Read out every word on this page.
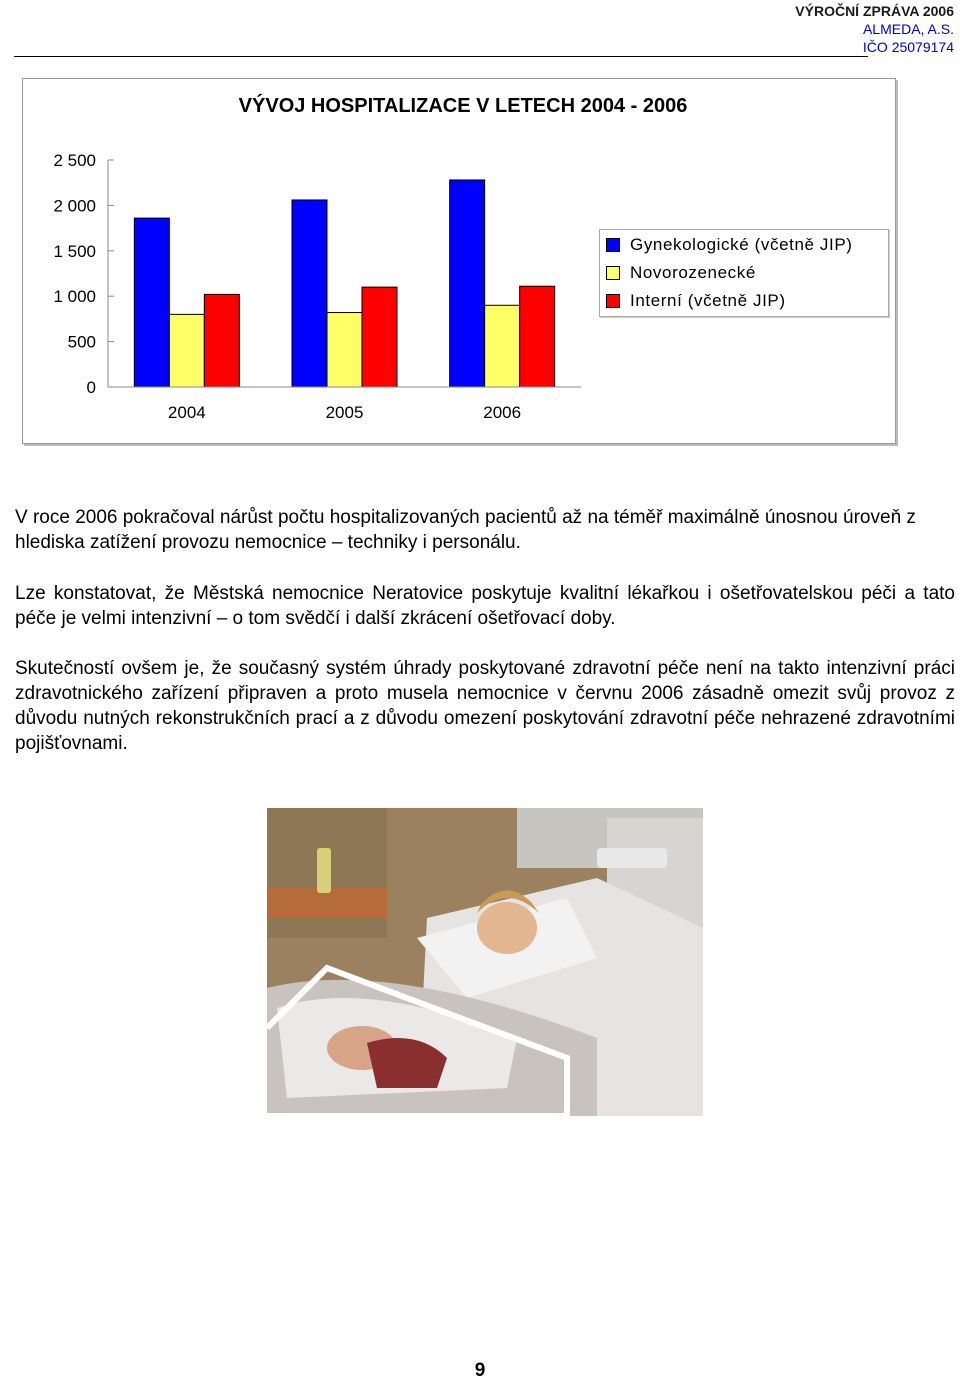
VÝROČNÍ ZPRÁVA 2006
ALMEDA, A.S.
IČO 25079174
VÝVOJ HOSPITALIZACE V LETECH 2004 - 2006
0
500
1 000
1 500
2 000
2 500
2004	2005	2006
Gynekologické (včetně JIP)
Novorozenecké
Interní (včetně JIP)
V roce 2006 pokračoval nárůst počtu hospitalizovaných pacientů až na téměř maximálně únosnou úroveň z hlediska zatížení provozu nemocnice – techniky i personálu.
Lze konstatovat, že Městská nemocnice Neratovice poskytuje kvalitní lékařkou i ošetřovatelskou péči a tato péče je velmi intenzivní – o tom svědčí i další zkrácení ošetřovací doby.
Skutečností ovšem je, že současný systém úhrady poskytované zdravotní péče není na takto intenzivní práci zdravotnického zařízení připraven a proto musela nemocnice v červnu 2006 zásadně omezit svůj provoz z důvodu nutných rekonstrukčních prací a z důvodu omezení poskytování zdravotní péče nehrazené zdravotními pojišťovnami.
9
